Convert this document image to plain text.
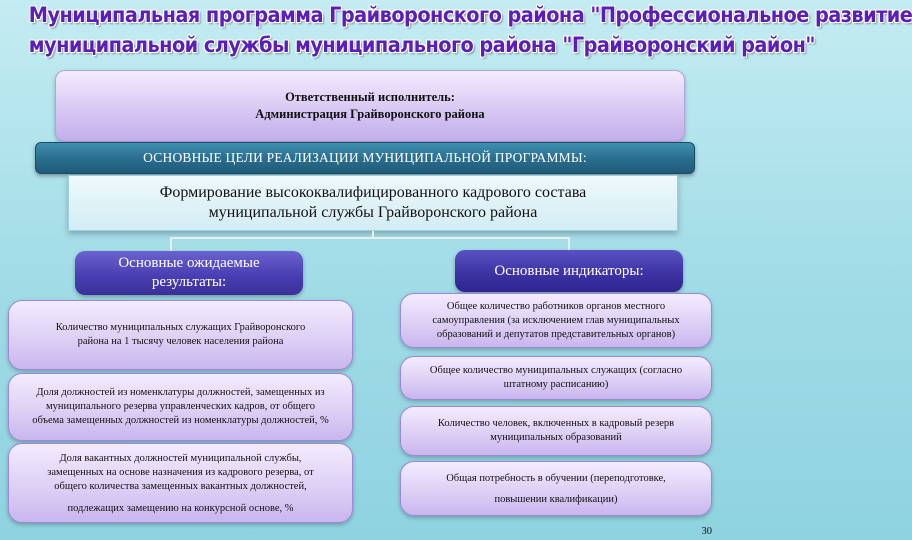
Муниципальная программа Грайворонского района "Профессиональное развитие
муниципальной службы муниципального района "Грайворонский район"
Ответственный исполнитель:
Администрация Грайворонского района
ОСНОВНЫЕ ЦЕЛИ РЕАЛИЗАЦИИ МУНИЦИПАЛЬНОЙ ПРОГРАММЫ:
Формирование высококвалифицированного кадрового состава
муниципальной службы Грайворонского района
Основные ожидаемые
результаты:
Основные индикаторы:
Количество муниципальных служащих Грайворонского
района на 1 тысячу человек населения района
Доля должностей из номенклатуры должностей, замещенных из
муниципального резерва управленческих кадров, от общего
объема замещенных должностей из номенклатуры должностей, %
Доля вакантных должностей муниципальной службы,
замещенных на основе назначения из кадрового резерва, от
общего количества замещенных вакантных должностей,
подлежащих замещению на конкурсной основе, %
Общее количество работников органов местного
самоуправления (за исключением глав муниципальных
образований и депутатов представительных органов)
Общее количество муниципальных служащих (согласно
штатному расписанию)
Количество человек, включенных в кадровый резерв
муниципальных образований
Общая потребность в обучении (переподготовке,
повышении квалификации)
30
